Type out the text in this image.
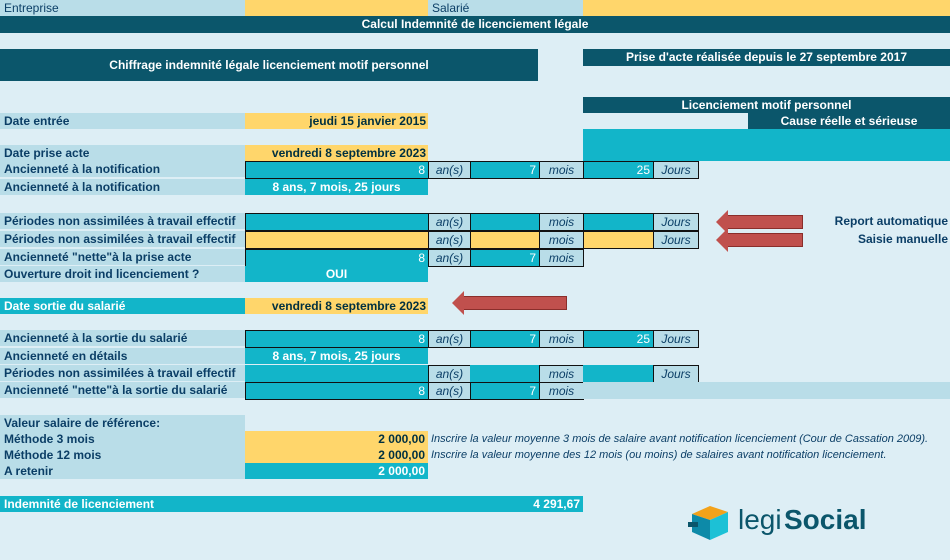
Entreprise	Salarié
Calcul Indemnité de licenciement légale
Chiffrage indemnité légale licenciement motif personnel
Prise d'acte réalisée depuis le 27 septembre 2017
Licenciement motif personnel
Cause réelle et sérieuse
Date entrée	jeudi 15 janvier 2015
Date prise acte	vendredi 8 septembre 2023
Ancienneté à la notification	8 an(s)	7	mois	25 Jours
Ancienneté à la notification	8 ans, 7 mois, 25 jours
Périodes non assimilées à travail effectif	an(s)	mois	Jours	Report automatique
Périodes non assimilées à travail effectif	an(s)	mois	Jours	Saisie manuelle
Ancienneté "nette"à la prise acte	8 an(s)	7	mois
Ouverture droit ind licenciement ?	OUI
Date sortie du salarié	vendredi 8 septembre 2023
Ancienneté à la sortie du salarié	8 an(s)	7	mois	25 Jours
Ancienneté en détails	8 ans, 7 mois, 25 jours
Périodes non assimilées à travail effectif	an(s)	mois	Jours
Ancienneté "nette"à la sortie du salarié	8 an(s)	7	mois
Valeur salaire de référence:
Méthode 3 mois	2 000,00 Inscrire la valeur moyenne 3 mois de salaire avant notification licenciement (Cour de Cassation 2009).
Méthode 12 mois	2 000,00 Inscrire la valeur moyenne des 12 mois (ou moins) de salaires avant notification licenciement.
A retenir	2 000,00
Indemnité de licenciement	4 291,67	legi Social
